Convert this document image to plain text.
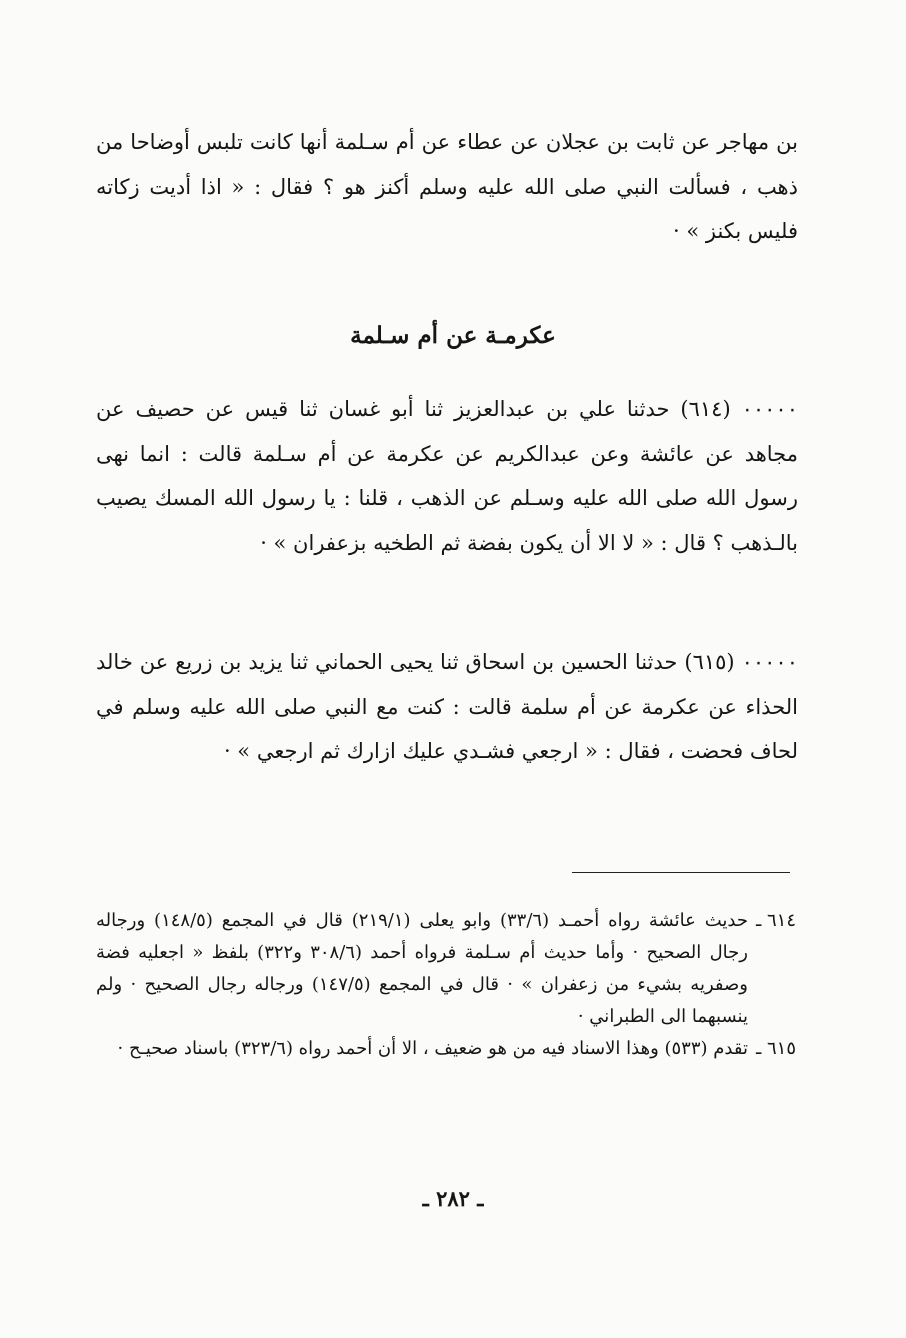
بن مهاجر عن ثابت بن عجلان عن عطاء عن أم سـلمة أنها كانت تلبس أوضاحا من ذهب ، فسألت النبي صلى الله عليه وسلم أكنز هو ؟ فقال : « اذا أديت زكاته فليس بكنز » ·

عكرمـة عن أم سـلمة

٠٠٠٠٠ (٦١٤) حدثنا علي بن عبدالعزيز ثنا أبو غسان ثنا قيس عن حصيف عن مجاهد عن عائشة وعن عبدالكريم عن عكرمة عن أم سـلمة قالت : انما نهى رسول الله صلى الله عليه وسـلم عن الذهب ، قلنا : يا رسول الله المسك يصيب بالـذهب ؟ قال : « لا الا أن يكون بفضة ثم الطخيه بزعفران » ·

٠٠٠٠٠ (٦١٥) حدثنا الحسين بن اسحاق ثنا يحيى الحماني ثنا يزيد بن زريع عن خالد الحذاء عن عكرمة عن أم سلمة قالت : كنت مع النبي صلى الله عليه وسلم في لحاف فحضت ، فقال : « ارجعي فشـدي عليك ازارك ثم ارجعي » ·

٦١٤ ـ
حديث عائشة رواه أحمـد (٣٣/٦) وابو يعلى (٢١٩/١) قال في المجمع (١٤٨/٥) ورجاله رجال الصحيح · وأما حديث أم سـلمة فرواه أحمد (٣٠٨/٦ و٣٢٢) بلفظ « اجعليه فضة وصفريه بشيء من زعفران » · قال في المجمع (١٤٧/٥) ورجاله رجال الصحيح · ولم ينسبهما الى الطبراني ·
٦١٥ ـ
تقدم (٥٣٣) وهذا الاسناد فيه من هو ضعيف ، الا أن أحمد رواه (٣٢٣/٦) باسناد صحيـح ·
ـ ٢٨٢ ـ
